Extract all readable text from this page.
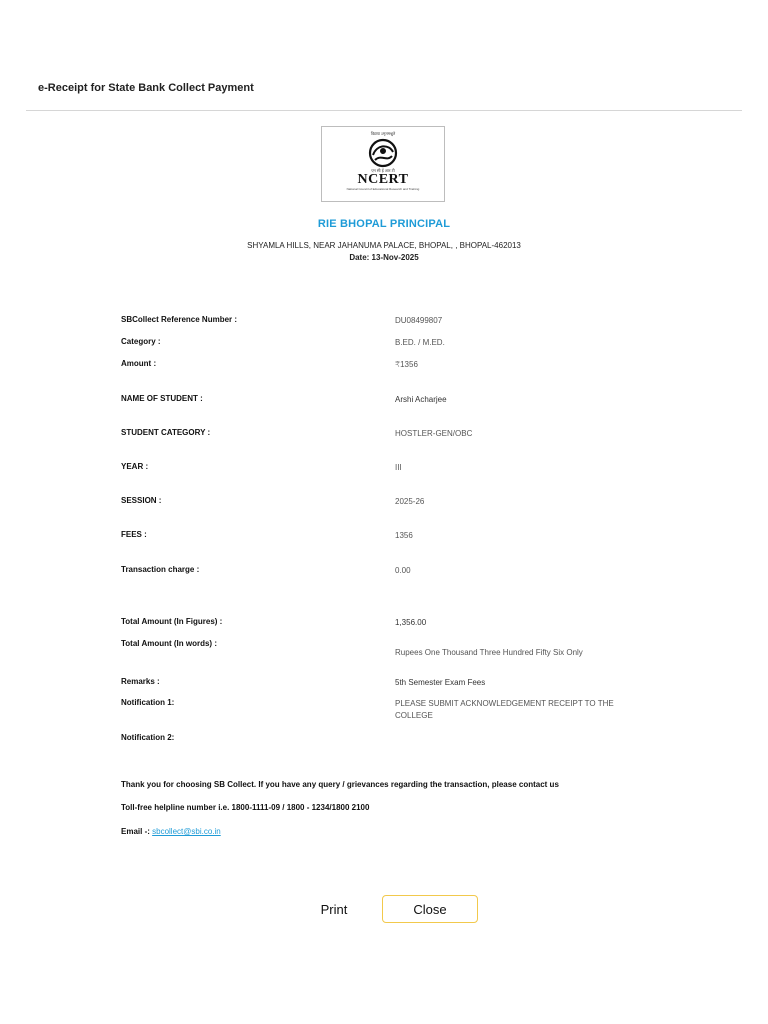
e-Receipt for State Bank Collect Payment
विद्यया ऽमृतमश्नुते
एन सी ई आर टी
NCERT
National Council of Educational Research and Training
RIE BHOPAL PRINCIPAL
SHYAMLA HILLS, NEAR JAHANUMA PALACE, BHOPAL, , BHOPAL-462013
Date: 13-Nov-2025
SBCollect Reference Number :	DU08499807
Category :	B.ED. / M.ED.
Amount :	₹1356
NAME OF STUDENT :	Arshi Acharjee
STUDENT CATEGORY :	HOSTLER-GEN/OBC
YEAR :	III
SESSION :	2025-26
FEES :	1356
Transaction charge :	0.00
Total Amount (In Figures) :	1,356.00
Total Amount (In words) :
Rupees One Thousand Three Hundred Fifty Six Only
Remarks :	5th Semester Exam Fees
Notification 1:	PLEASE SUBMIT ACKNOWLEDGEMENT RECEIPT TO THE COLLEGE
Notification 2:
Thank you for choosing SB Collect. If you have any query / grievances regarding the transaction, please contact us
Toll-free helpline number i.e. 1800-1111-09 / 1800 - 1234/1800 2100
Email -: sbcollect@sbi.co.in
Print	Close
